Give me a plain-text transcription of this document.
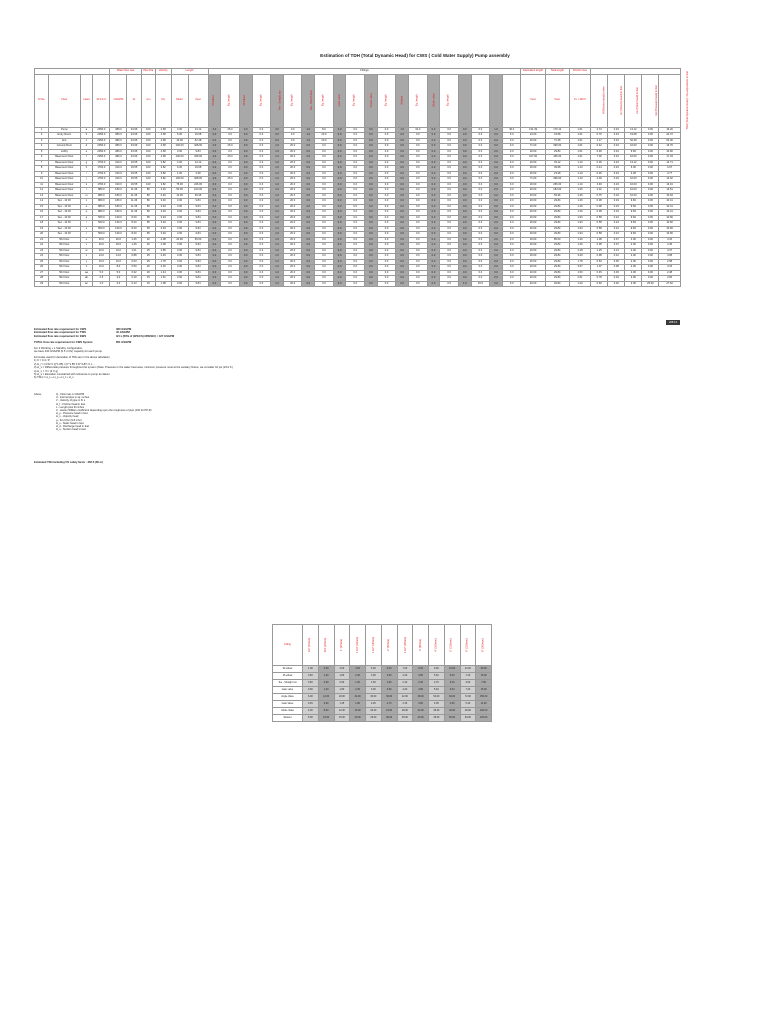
Estimation of TDH (Total Dynamic Head) for CWS ( Cold Water Supply) Pump assembly
				Water flow rate		Pipe Dia	Velocity	Length		Fittings																				Equivalent length	Total length	Friction loss					
Sr.No.	Floor	Label	W.S.F.U	GSGPM	l/s	mm	ft/s	Meter	Feet	90 Elbow	Eq. length	45 Elbow	Eq. length	Tee - Straight run	Eq. length	Tee - Branch flow	Eq. length	Gate valve	Eq. length	Check valve	Eq. length	Strainer	Eq. length	Globe valve	Eq. length					Feet	Feet	Ft. / 100 ft	Hf (Friction head) in feet	Hv (Velocity head) in feet	Hs (Static head) in feet	Hp (Pressure head) in feet	TDH (Total Dynamic Head) = Hs+Hp+Hf+Hv in feet
1	Pump	a	2350.0	380.0	23.96	100	4.68	4.00	13.12	4.0	25.0	0.0	0.0	0.0	0.0	1.0	8.0	0.0	0.0	0.0	0.0	1.0	32.0	0.0	0.0	0.0	0.0	1.0	30.0	131.49	170.12	1.61	2.74	0.34	13.12	0.00	16.20
2	Entry Room	b	2350.0	380.0	23.96	100	4.68	6.00	19.68	0.0	0.0	0.0	0.0	0.0	0.0	1.0	20.0	0.0	0.0	0.0	0.0	0.0	0.0	0.0	0.0	0.0	0.0	0.0	0.0	24.00	43.68	1.61	0.70	0.34	19.68	0.00	20.72
3	Ent	c	2350.0	380.0	23.96	100	4.68	16.00	52.48	0.0	0.0	0.0	0.0	0.0	0.0	1.0	20.0	0.0	0.0	0.0	0.0	0.0	0.0	0.0	0.0	0.0	0.0	0.0	0.0	20.00	72.48	1.61	1.17	0.34	52.48	0.00	54.00
4	Ground Floor	d	2350.0	380.0	23.96	100	4.68	100.00	328.00	4.0	25.0	0.0	0.0	1.0	20.0	0.0	0.0	0.0	0.0	0.0	0.0	0.0	0.0	0.0	0.0	0.0	0.0	0.0	0.0	71.00	399.00	1.61	6.42	0.34	10.00	0.00	16.76
5	Lobby	e	2350.0	380.0	23.96	100	4.68	3.00	9.84	0.0	0.0	0.0	0.0	1.0	20.0	0.0	0.0	0.0	0.0	0.0	0.0	0.0	0.0	0.0	0.0	0.0	0.0	0.0	0.0	20.00	29.84	1.61	0.48	0.34	9.84	0.00	10.66
6	Basement Floor	f	2350.0	380.0	23.96	100	4.68	100.00	328.00	2.0	25.0	0.0	0.0	1.0	20.0	0.0	0.0	0.0	0.0	0.0	0.0	0.0	0.0	0.0	0.0	0.0	0.0	0.0	0.0	107.00	435.00	1.61	7.00	0.34	10.00	0.00	17.34
7	Basement Floor	g	1760.0	310.0	19.55	100	3.82	4.00	13.12	0.0	0.0	0.0	0.0	1.0	20.0	0.0	0.0	0.0	0.0	0.0	0.0	0.0	0.0	0.0	0.0	0.0	0.0	0.0	0.0	20.00	33.12	1.10	0.36	0.23	13.12	0.00	13.71
8	Basement Floor	h	1760.0	310.0	19.55	100	3.82	6.00	19.68	0.0	0.0	0.0	0.0	1.0	20.0	0.0	0.0	0.0	0.0	0.0	0.0	0.0	0.0	0.0	0.0	0.0	0.0	0.0	0.0	20.00	39.68	1.10	0.44	0.23	6.00	0.00	6.67
9	Basement Floor	i	1760.0	310.0	19.55	100	3.82	1.00	3.28	0.0	0.0	0.0	0.0	1.0	20.0	0.0	0.0	0.0	0.0	0.0	0.0	0.0	0.0	0.0	0.0	0.0	0.0	0.0	0.0	20.00	23.28	1.10	0.26	0.23	3.28	0.00	3.77
10	Basement Floor	j	1760.0	310.0	19.55	100	3.82	100.00	328.00	4.0	25.0	0.0	0.0	1.0	20.0	0.0	0.0	0.0	0.0	0.0	0.0	0.0	0.0	0.0	0.0	0.0	0.0	0.0	0.0	71.00	399.00	1.10	4.39	0.23	10.00	0.00	14.62
11	Basement Floor	k	1760.0	310.0	19.55	100	3.82	75.00	246.00	0.0	0.0	0.0	0.0	1.0	20.0	0.0	0.0	0.0	0.0	0.0	0.0	0.0	0.0	0.0	0.0	0.0	0.0	0.0	0.0	20.00	266.00	1.10	2.93	0.23	10.00	0.00	13.16
12	Basement Floor	l	880.0	180.0	11.36	80	3.49	50.00	164.00	0.0	0.0	0.0	0.0	1.0	20.0	0.0	0.0	0.0	0.0	0.0	0.0	0.0	0.0	0.0	0.0	0.0	0.0	0.0	0.0	20.00	184.00	1.26	2.32	0.19	10.00	0.00	12.51
13	Basement Floor	m	880.0	180.0	11.36	80	3.49	12.00	39.36	0.0	0.0	0.0	0.0	1.0	20.0	0.0	0.0	0.0	0.0	0.0	0.0	0.0	0.0	0.0	0.0	0.0	0.0	0.0	0.0	20.00	59.36	1.26	0.75	0.19	10.00	0.00	10.94
14	Sec - 1F Fh	n	880.0	180.0	11.36	80	3.49	3.00	9.84	0.0	0.0	0.0	0.0	1.0	20.0	0.0	0.0	0.0	0.0	0.0	0.0	0.0	0.0	0.0	0.0	0.0	0.0	0.0	0.0	20.00	29.84	1.26	0.38	0.19	9.84	0.00	10.41
15	Sec - 1F Fh	o	880.0	180.0	11.36	80	3.49	3.00	9.84	0.0	0.0	0.0	0.0	1.0	20.0	0.0	0.0	0.0	0.0	0.0	0.0	0.0	0.0	0.0	0.0	0.0	0.0	0.0	0.0	20.00	29.84	1.26	0.38	0.19	9.84	0.00	10.41
16	Sec - 1F Fh	p	880.0	180.0	11.36	80	3.49	3.00	9.84	0.0	0.0	0.0	0.0	1.0	20.0	0.0	0.0	0.0	0.0	0.0	0.0	0.0	0.0	0.0	0.0	0.0	0.0	0.0	0.0	20.00	29.84	1.26	0.38	0.19	9.84	0.00	10.41
17	Sec - 1F Fh	q	560.0	130.0	8.20	65	3.94	3.00	9.84	0.0	0.0	0.0	0.0	1.0	20.0	0.0	0.0	0.0	0.0	0.0	0.0	0.0	0.0	0.0	0.0	0.0	0.0	0.0	0.0	20.00	29.84	1.93	0.58	0.24	9.84	0.00	10.66
18	Sec - 1F Fh	r	560.0	130.0	8.20	65	3.94	3.00	9.84	0.0	0.0	0.0	0.0	1.0	20.0	0.0	0.0	0.0	0.0	0.0	0.0	0.0	0.0	0.0	0.0	0.0	0.0	0.0	0.0	20.00	29.84	1.93	0.58	0.24	9.84	0.00	10.66
19	Sec - 1F Fh	s	560.0	130.0	8.20	65	3.94	3.00	9.84	0.0	0.0	0.0	0.0	1.0	20.0	0.0	0.0	0.0	0.0	0.0	0.0	0.0	0.0	0.0	0.0	0.0	0.0	0.0	0.0	20.00	29.84	1.93	0.58	0.24	9.84	0.00	10.66
20	Sec - 1F Fh	t	560.0	130.0	8.20	65	3.94	3.00	9.84	0.0	0.0	0.0	0.0	1.0	20.0	0.0	0.0	0.0	0.0	0.0	0.0	0.0	0.0	0.0	0.0	0.0	0.0	0.0	0.0	20.00	29.84	1.93	0.58	0.24	9.84	0.00	10.66
21	5th Floor	u	40.0	20.0	1.26	32	2.08	20.00	65.60	0.0	0.0	0.0	0.0	1.0	20.0	0.0	0.0	0.0	0.0	0.0	0.0	0.0	0.0	0.0	0.0	0.0	0.0	0.0	0.0	20.00	85.60	1.26	1.08	0.07	2.00	0.00	3.15
22	5th Floor	v	40.0	20.0	1.26	32	2.08	3.00	9.84	0.0	0.0	0.0	0.0	1.0	20.0	0.0	0.0	0.0	0.0	0.0	0.0	0.0	0.0	0.0	0.0	0.0	0.0	0.0	0.0	20.00	29.84	1.26	0.38	0.07	2.00	0.00	2.45
23	5th Floor	w	32.0	16.0	1.01	25	2.85	3.00	9.84	0.0	0.0	0.0	0.0	1.0	20.0	0.0	0.0	0.0	0.0	0.0	0.0	0.0	0.0	0.0	0.0	0.0	0.0	0.0	0.0	20.00	29.84	4.18	1.25	0.13	2.00	0.00	3.37
24	5th Floor	x	24.0	14.0	0.88	25	2.49	3.00	9.84	0.0	0.0	0.0	0.0	1.0	20.0	0.0	0.0	0.0	0.0	0.0	0.0	0.0	0.0	0.0	0.0	0.0	0.0	0.0	0.0	20.00	29.84	3.29	0.98	0.10	2.00	0.00	3.08
25	5th Floor	y	16.0	10.0	0.63	25	1.78	3.00	9.84	0.0	0.0	0.0	0.0	1.0	20.0	0.0	0.0	0.0	0.0	0.0	0.0	0.0	0.0	0.0	0.0	0.0	0.0	0.0	0.0	20.00	29.84	1.78	0.53	0.05	2.00	0.00	2.58
26	5th Floor	z	10.0	8.0	0.50	20	2.30	3.00	9.84	0.0	0.0	0.0	0.0	1.0	20.0	0.0	0.0	0.0	0.0	0.0	0.0	0.0	0.0	0.0	0.0	0.0	0.0	0.0	0.0	20.00	29.84	3.57	1.07	0.08	2.00	0.00	3.15
27	5th Floor	aa	5.0	5.0	0.32	20	1.44	3.00	9.84	0.0	0.0	0.0	0.0	1.0	20.0	0.0	0.0	0.0	0.0	0.0	0.0	0.0	0.0	0.0	0.0	0.0	0.0	0.0	0.0	20.00	29.84	1.50	0.45	0.03	2.00	0.00	2.48
28	5th Floor	ab	2.5	3.0	0.19	15	1.61	3.00	9.84	0.0	0.0	0.0	0.0	1.0	20.0	0.0	0.0	0.0	0.0	0.0	0.0	0.0	0.0	0.0	0.0	0.0	0.0	0.0	0.0	20.00	29.84	2.61	0.78	0.04	2.00	0.00	2.82
29	5th Floor	ac	1.0	2.0	0.13	15	1.08	3.00	9.84	0.0	0.0	0.0	0.0	1.0	20.0	0.0	0.0	0.0	0.0	0.0	0.0	0.0	0.0	0.0	0.0	1.0	20.0	0.0	0.0	40.00	49.84	1.20	0.60	0.02	2.00	25.00	27.62
208.13
Estimated flow rate requirement for CWS	380 GSGPM
Estimated flow rate requirement for TWS	40 GSGPM
Estimated flow rate requirement for EWS	3/4 x (50% of (WS/CS) /WSFBU) = 427 GSGPM
TOTAL flow rate requirement for CWS System	851 GSGPM
For 2 Working + 1 Standby configuration,
we have 430 GSGPM (0.5 m³/hr) capacity for each pump.
Formulas used for derivation of TDH are in the above tabulation
1) V = 0.4 / P
2) H_f = (4.52 X Q^1.85) / (C^1.85 X D^4.87) X L ...
3) H_v = Differential pressure throughout the system (Note: Pressure in the water heat area; minimum pressure must at the sanitary fixture, we consider 10 psi (23.0 ft.)
4) H_v = V² / (2 X g)
5) H_s = Elevation considered with reference to pump as datum
6) TDH = H_s + H_p + H_f + H_v
where,	Q - Flow rate in GSGPM
d - Internal pipe in sq. inches
V - Velocity of pipe in ft/ s
H_f - Friction head in feet
L - Length plus fit inches
C - Hazen William coefficient depending upon the roughness of pipe (100 for PP-R)
H_p - Pressure head in feet
H_v - Velocity head
g - 32.2 ft/s² (9.8 m/s²)
H_s - Static head in feet
H_d - Discharge head in feet
H_s - Suction head in feet
Estimated TDH including 5% safety factor - 262 ft (80 m)
Fitting	1/2" (15mm)	3/4" (20mm)	1" (25mm)	1 1/4" (32mm)	1 1/2" (40mm)	2" (50mm)	2 1/2" (65mm)	3" (80mm)	4" (100mm)	5" (125mm)	6" (150mm)	8" (200mm)
90 elbow	1.00	2.00	3.00	4.00	5.00	6.00	7.00	8.00	9.00	10.00	12.00	25.00
45 elbow	0.60	1.20	1.80	2.40	3.00	3.60	4.20	4.80	5.40	6.00	7.20	15.00
Tee - Straight run	0.60	0.60	0.90	1.20	1.50	1.80	2.10	2.40	2.70	3.00	3.60	7.50
Gate valve	0.60	1.20	1.80	2.40	3.00	3.60	4.20	4.80	5.40	6.00	7.20	15.00
Angle Valve	6.00	12.00	18.00	24.00	30.00	36.00	42.00	48.00	54.00	60.00	72.00	150.00
Gate Valve	0.45	0.90	1.35	1.80	2.25	2.70	3.15	3.60	4.05	4.50	5.40	11.25
Globe Valve	4.00	8.00	12.00	16.00	20.00	24.00	28.00	32.00	36.00	40.00	48.00	100.00
Strainer	5.00	10.00	15.00	20.00	25.00	30.00	35.00	40.00	45.00	50.00	60.00	125.00
